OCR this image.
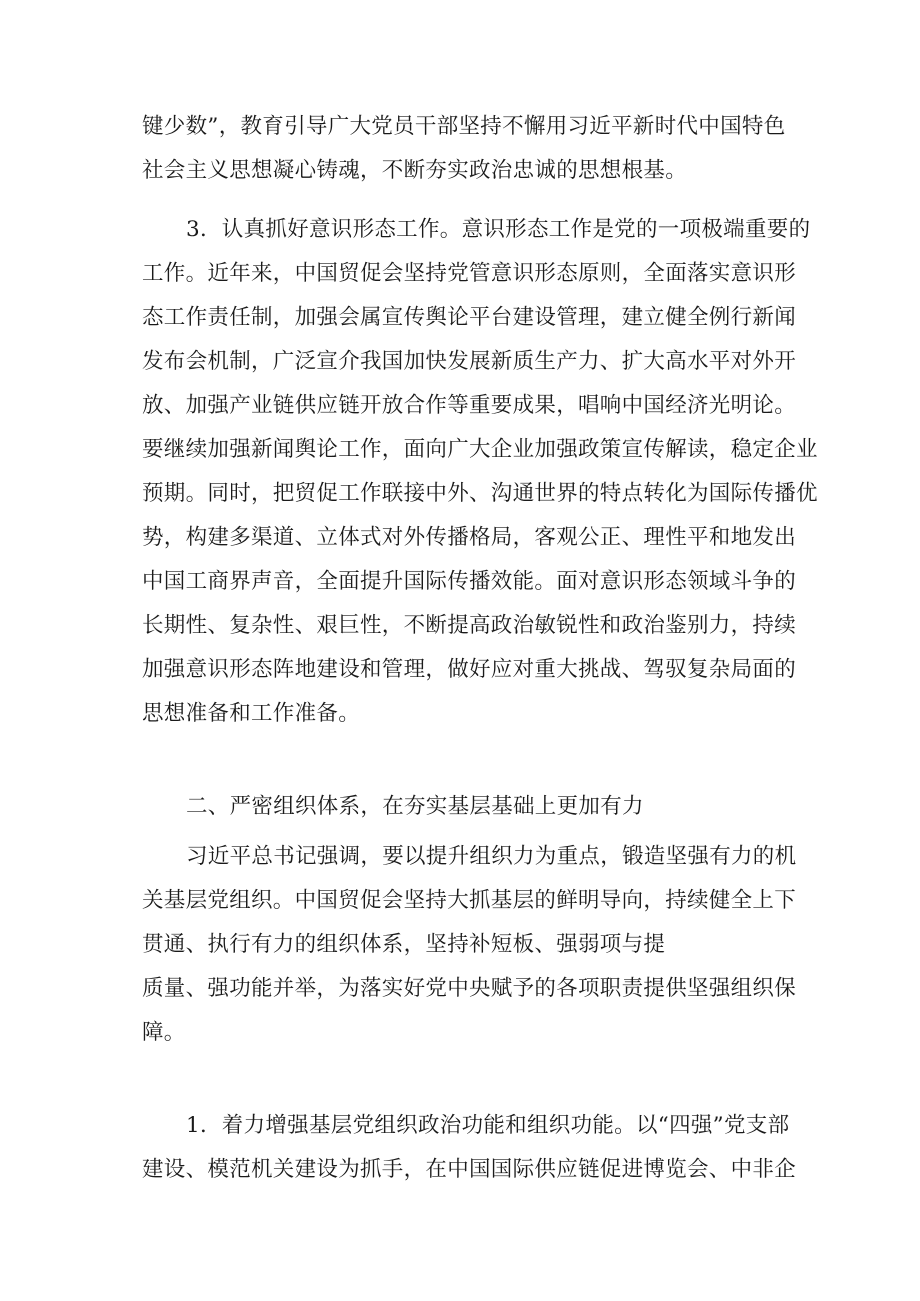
键少数”，教育引导广大党员干部坚持不懈用习近平新时代中国特色
社会主义思想凝心铸魂，不断夯实政治忠诚的思想根基。
3．认真抓好意识形态工作。意识形态工作是党的一项极端重要的
工作。近年来，中国贸促会坚持党管意识形态原则，全面落实意识形
态工作责任制，加强会属宣传舆论平台建设管理，建立健全例行新闻
发布会机制，广泛宣介我国加快发展新质生产力、扩大高水平对外开
放、加强产业链供应链开放合作等重要成果，唱响中国经济光明论。
要继续加强新闻舆论工作，面向广大企业加强政策宣传解读，稳定企业
预期。同时，把贸促工作联接中外、沟通世界的特点转化为国际传播优
势，构建多渠道、立体式对外传播格局，客观公正、理性平和地发出
中国工商界声音，全面提升国际传播效能。面对意识形态领域斗争的
长期性、复杂性、艰巨性，不断提高政治敏锐性和政治鉴别力，持续
加强意识形态阵地建设和管理，做好应对重大挑战、驾驭复杂局面的
思想准备和工作准备。
二、严密组织体系，在夯实基层基础上更加有力
习近平总书记强调，要以提升组织力为重点，锻造坚强有力的机
关基层党组织。中国贸促会坚持大抓基层的鲜明导向，持续健全上下
贯通、执行有力的组织体系，坚持补短板、强弱项与提
质量、强功能并举，为落实好党中央赋予的各项职责提供坚强组织保
障。
1．着力增强基层党组织政治功能和组织功能。以“四强”党支部
建设、模范机关建设为抓手，在中国国际供应链促进博览会、中非企
